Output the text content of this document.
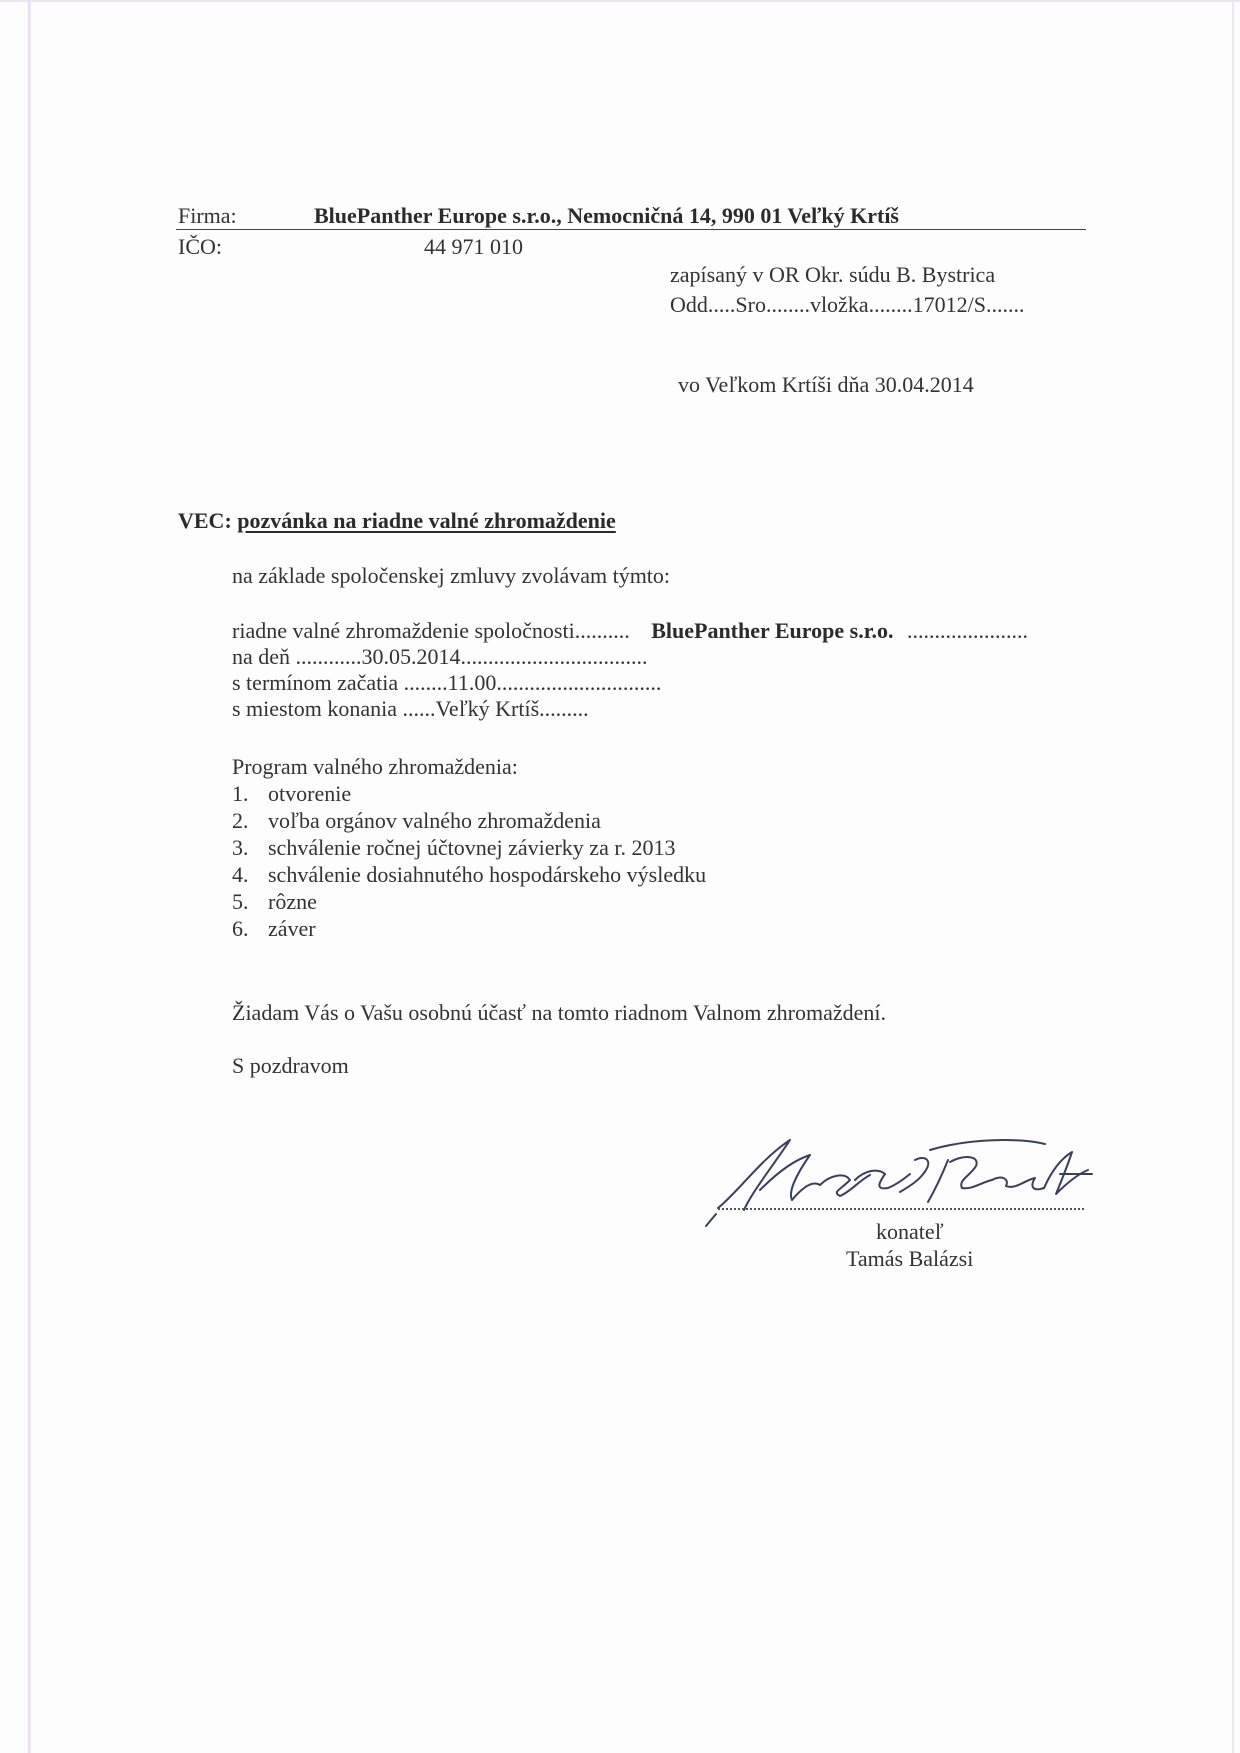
Firma:	BluePanther Europe s.r.o., Nemocničná 14, 990 01 Veľký Krtíš
IČO:	44 971 010
zapísaný v OR Okr. súdu B. Bystrica
Odd.....Sro........vložka........17012/S.......
vo Veľkom Krtíši dňa 30.04.2014
VEC: pozvánka na riadne valné zhromaždenie
na základe spoločenskej zmluvy zvolávam týmto:
riadne valné zhromaždenie spoločnosti.......... BluePanther Europe s.r.o. ......................
na deň ............30.05.2014..................................
s termínom začatia ........11.00..............................
s miestom konania ......Veľký Krtíš.........
Program valného zhromaždenia:
1. otvorenie
2. voľba orgánov valného zhromaždenia
3. schválenie ročnej účtovnej závierky za r. 2013
4. schválenie dosiahnutého hospodárskeho výsledku
5. rôzne
6. záver
Žiadam Vás o Vašu osobnú účasť na tomto riadnom Valnom zhromaždení.
S pozdravom
konateľ
Tamás Balázsi
